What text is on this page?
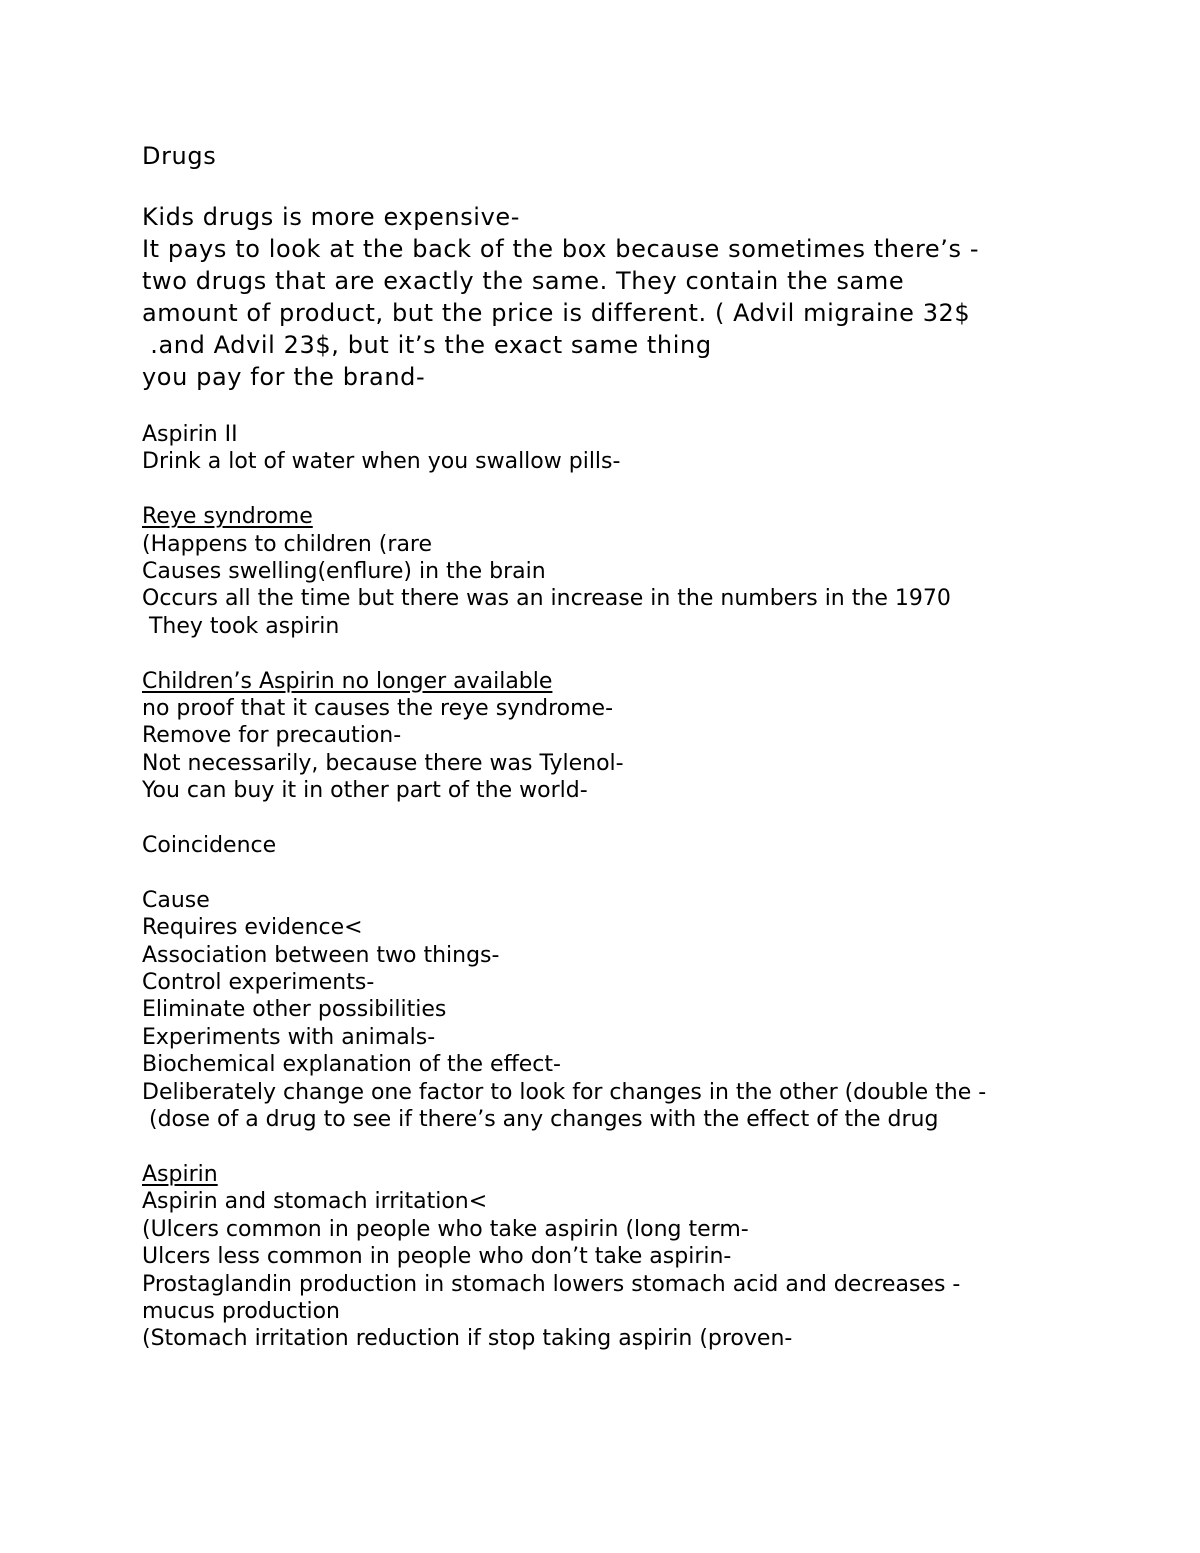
Drugs
Kids drugs is more expensive-
It pays to look at the back of the box because sometimes there’s -
two drugs that are exactly the same. They contain the same
amount of product, but the price is different. ( Advil migraine 32$
.and Advil 23$, but it’s the exact same thing
you pay for the brand-
Aspirin II
Drink a lot of water when you swallow pills-
Reye syndrome
(Happens to children (rare
Causes swelling(enflure) in the brain
Occurs all the time but there was an increase in the numbers in the 1970
They took aspirin
Children’s Aspirin no longer available
no proof that it causes the reye syndrome-
Remove for precaution-
Not necessarily, because there was Tylenol-
You can buy it in other part of the world-
Coincidence
Cause
Requires evidence<
Association between two things-
Control experiments-
Eliminate other possibilities
Experiments with animals-
Biochemical explanation of the effect-
Deliberately change one factor to look for changes in the other (double the -
(dose of a drug to see if there’s any changes with the effect of the drug
Aspirin
Aspirin and stomach irritation<
(Ulcers common in people who take aspirin (long term-
Ulcers less common in people who don’t take aspirin-
Prostaglandin production in stomach lowers stomach acid and decreases -
mucus production
(Stomach irritation reduction if stop taking aspirin (proven-
